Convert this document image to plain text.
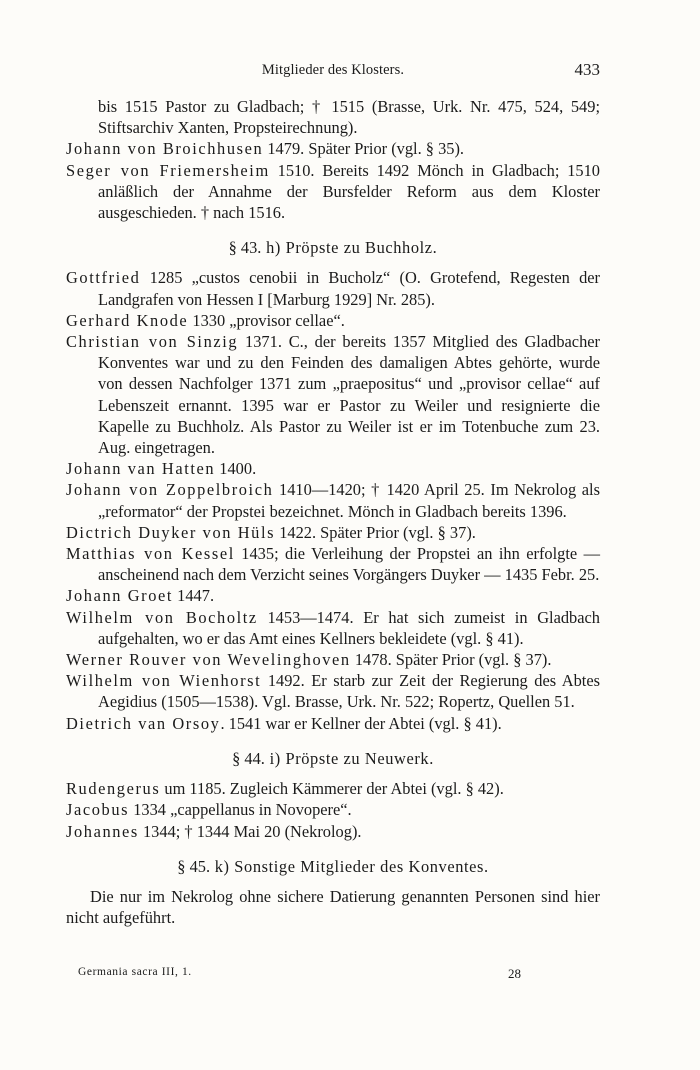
Mitglieder des Klosters.	433
bis 1515 Pastor zu Gladbach; † 1515 (Brasse, Urk. Nr. 475, 524, 549; Stiftsarchiv Xanten, Propsteirechnung).
Johann von Broichhusen 1479. Später Prior (vgl. § 35).
Seger von Friemersheim 1510. Bereits 1492 Mönch in Gladbach; 1510 anläßlich der Annahme der Bursfelder Reform aus dem Kloster ausgeschieden. † nach 1516.
§ 43. h) Pröpste zu Buchholz.
Gottfried 1285 „custos cenobii in Bucholz“ (O. Grotefend, Regesten der Landgrafen von Hessen I [Marburg 1929] Nr. 285).
Gerhard Knode 1330 „provisor cellae“.
Christian von Sinzig 1371. C., der bereits 1357 Mitglied des Gladbacher Konventes war und zu den Feinden des damaligen Abtes gehörte, wurde von dessen Nachfolger 1371 zum „praepositus“ und „provisor cellae“ auf Lebenszeit ernannt. 1395 war er Pastor zu Weiler und resignierte die Kapelle zu Buchholz. Als Pastor zu Weiler ist er im Totenbuche zum 23. Aug. eingetragen.
Johann van Hatten 1400.
Johann von Zoppelbroich 1410—1420; † 1420 April 25. Im Nekrolog als „reformator“ der Propstei bezeichnet. Mönch in Gladbach bereits 1396.
Dictrich Duyker von Hüls 1422. Später Prior (vgl. § 37).
Matthias von Kessel 1435; die Verleihung der Propstei an ihn erfolgte — anscheinend nach dem Verzicht seines Vorgängers Duyker — 1435 Febr. 25.
Johann Groet 1447.
Wilhelm von Bocholtz 1453—1474. Er hat sich zumeist in Gladbach aufgehalten, wo er das Amt eines Kellners bekleidete (vgl. § 41).
Werner Rouver von Wevelinghoven 1478. Später Prior (vgl. § 37).
Wilhelm von Wienhorst 1492. Er starb zur Zeit der Regierung des Abtes Aegidius (1505—1538). Vgl. Brasse, Urk. Nr. 522; Ropertz, Quellen 51.
Dietrich van Orsoy. 1541 war er Kellner der Abtei (vgl. § 41).
§ 44. i) Pröpste zu Neuwerk.
Rudengerus um 1185. Zugleich Kämmerer der Abtei (vgl. § 42).
Jacobus 1334 „cappellanus in Novopere“.
Johannes 1344; † 1344 Mai 20 (Nekrolog).
§ 45. k) Sonstige Mitglieder des Konventes.
Die nur im Nekrolog ohne sichere Datierung genannten Personen sind hier nicht aufgeführt.
Germania sacra III, 1.	28
